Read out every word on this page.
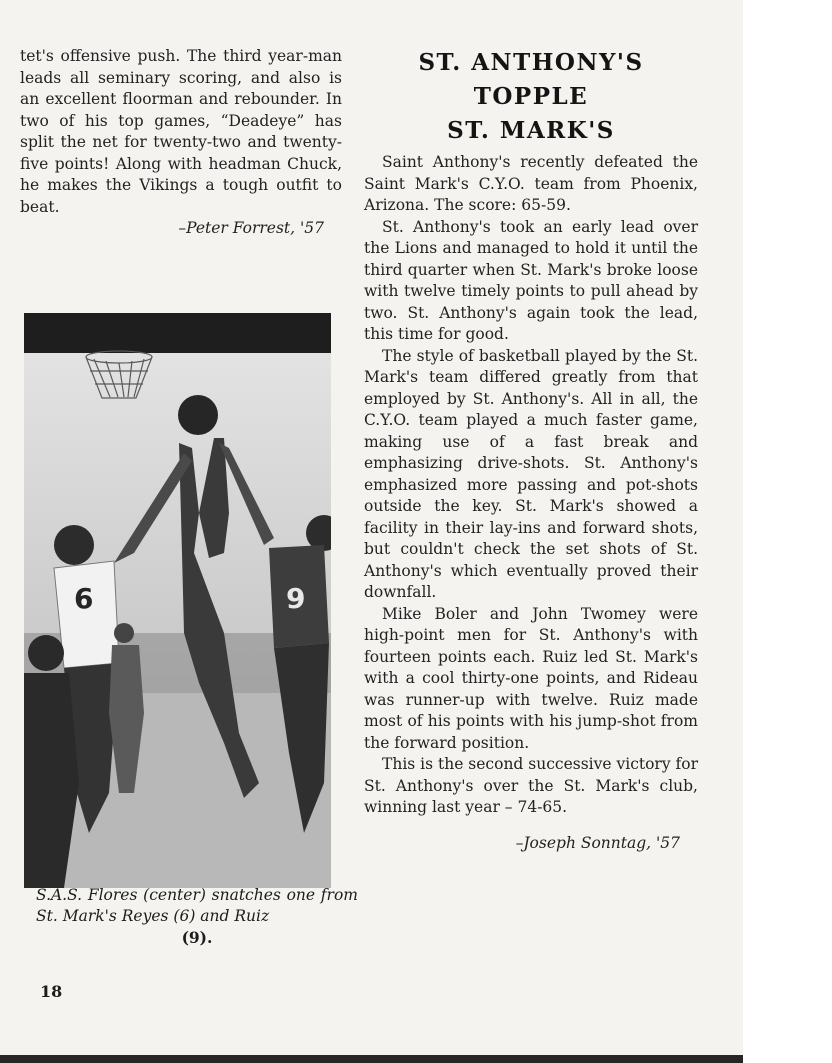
tet's offensive push. The third year-man leads all seminary scoring, and also is an excellent floorman and rebounder. In two of his top games, “Deadeye” has split the net for twenty-two and twenty-five points! Along with headman Chuck, he makes the Vikings a tough outfit to beat.

–Peter Forrest, '57

6	9
S.A.S. Flores (center) snatches one from St. Mark's Reyes (6) and Ruiz
(9).
ST. ANTHONY'S
TOPPLE
ST. MARK'S

Saint Anthony's recently defeated the Saint Mark's C.Y.O. team from Phoenix, Arizona. The score: 65-59.

St. Anthony's took an early lead over the Lions and managed to hold it until the third quarter when St. Mark's broke loose with twelve timely points to pull ahead by two. St. Anthony's again took the lead, this time for good.

The style of basketball played by the St. Mark's team differed greatly from that employed by St. Anthony's. All in all, the C.Y.O. team played a much faster game, making use of a fast break and emphasizing drive-shots. St. Anthony's emphasized more passing and pot-shots outside the key. St. Mark's showed a facility in their lay-ins and forward shots, but couldn't check the set shots of St. Anthony's which eventually proved their downfall.

Mike Boler and John Twomey were high-point men for St. Anthony's with fourteen points each. Ruiz led St. Mark's with a cool thirty-one points, and Rideau was runner-up with twelve. Ruiz made most of his points with his jump-shot from the forward position.

This is the second successive victory for St. Anthony's over the St. Mark's club, winning last year – 74-65.

–Joseph Sonntag, '57

18
